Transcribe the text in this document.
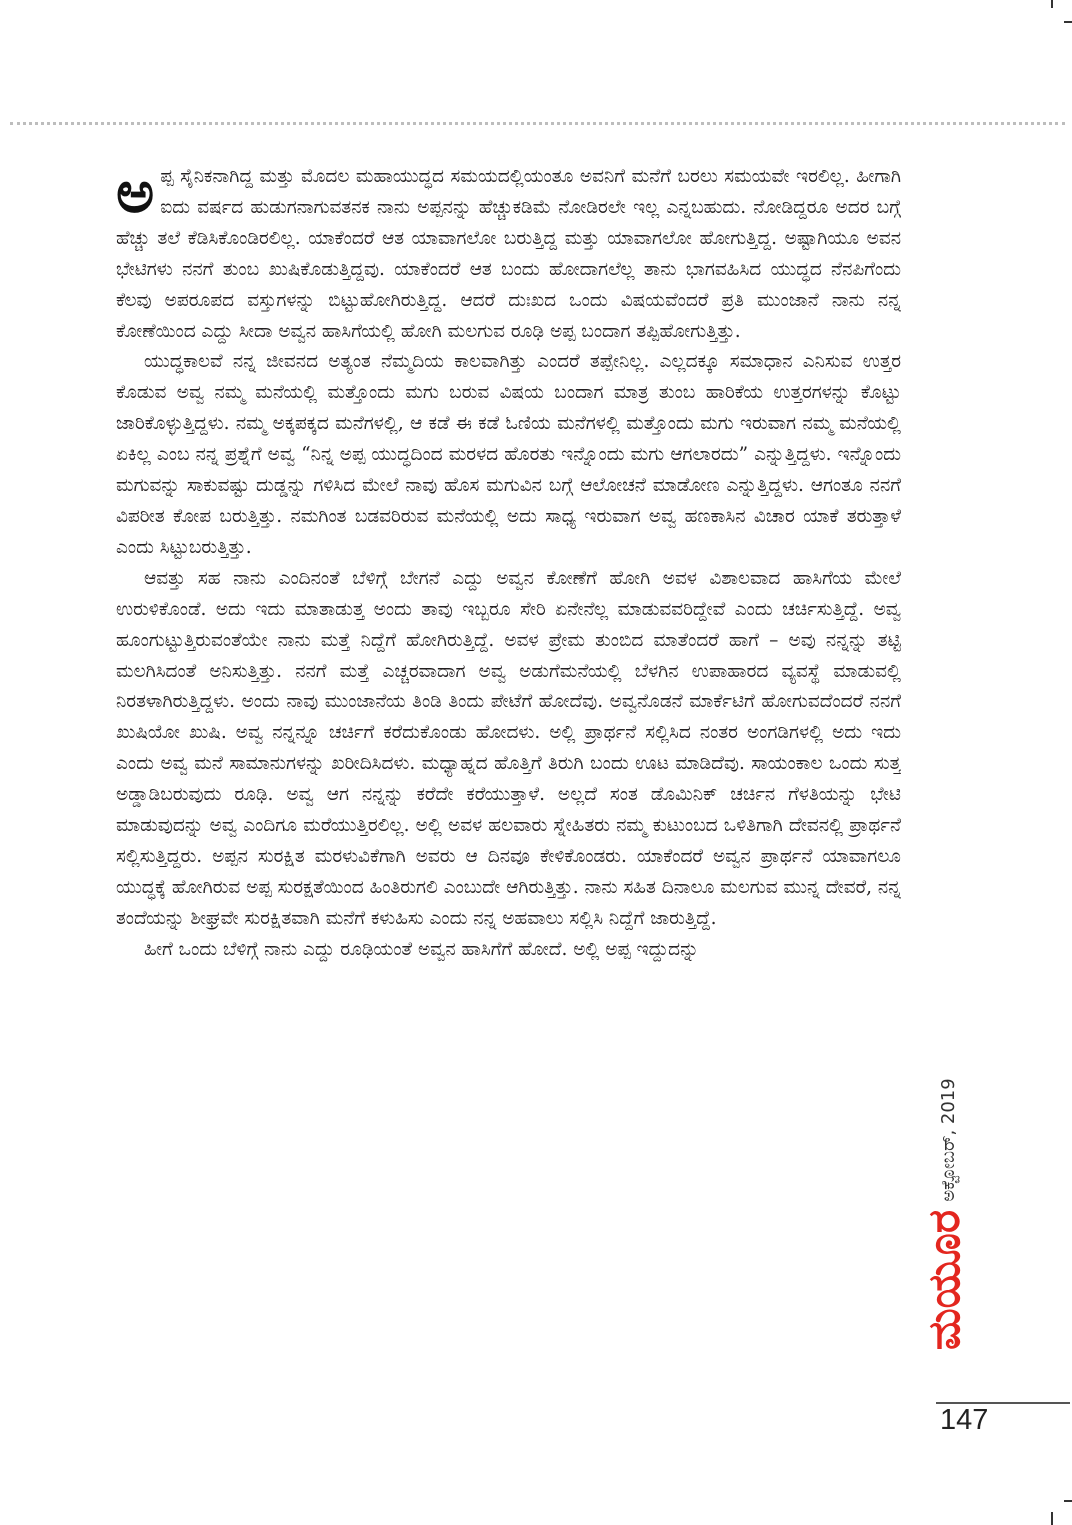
ಅಪ್ಪ ಸೈನಿಕನಾಗಿದ್ದ ಮತ್ತು ಮೊದಲ ಮಹಾಯುದ್ಧದ ಸಮಯದಲ್ಲಿಯಂತೂ ಅವನಿಗೆ ಮನೆಗೆ ಬರಲು ಸಮಯವೇ ಇರಲಿಲ್ಲ. ಹೀಗಾಗಿ ಐದು ವರ್ಷದ ಹುಡುಗನಾಗುವತನಕ ನಾನು ಅಪ್ಪನನ್ನು ಹೆಚ್ಚುಕಡಿಮೆ ನೋಡಿರಲೇ ಇಲ್ಲ ಎನ್ನಬಹುದು. ನೋಡಿದ್ದರೂ ಅದರ ಬಗ್ಗೆ ಹೆಚ್ಚು ತಲೆ ಕೆಡಿಸಿಕೊಂಡಿರಲಿಲ್ಲ. ಯಾಕೆಂದರೆ ಆತ ಯಾವಾಗಲೋ ಬರುತ್ತಿದ್ದ ಮತ್ತು ಯಾವಾಗಲೋ ಹೋಗುತ್ತಿದ್ದ. ಅಷ್ಟಾಗಿಯೂ ಅವನ ಭೇಟಿಗಳು ನನಗೆ ತುಂಬ ಖುಷಿಕೊಡುತ್ತಿದ್ದವು. ಯಾಕೆಂದರೆ ಆತ ಬಂದು ಹೋದಾಗಲೆಲ್ಲ ತಾನು ಭಾಗವಹಿಸಿದ ಯುದ್ಧದ ನೆನಪಿಗೆಂದು ಕೆಲವು ಅಪರೂಪದ ವಸ್ತುಗಳನ್ನು ಬಿಟ್ಟುಹೋಗಿರುತ್ತಿದ್ದ. ಆದರೆ ದುಃಖದ ಒಂದು ವಿಷಯವೆಂದರೆ ಪ್ರತಿ ಮುಂಜಾನೆ ನಾನು ನನ್ನ ಕೋಣೆಯಿಂದ ಎದ್ದು ಸೀದಾ ಅವ್ವನ ಹಾಸಿಗೆಯಲ್ಲಿ ಹೋಗಿ ಮಲಗುವ ರೂಢಿ ಅಪ್ಪ ಬಂದಾಗ ತಪ್ಪಿಹೋಗುತ್ತಿತ್ತು.

ಯುದ್ಧಕಾಲವೆ ನನ್ನ ಜೀವನದ ಅತ್ಯಂತ ನೆಮ್ಮದಿಯ ಕಾಲವಾಗಿತ್ತು ಎಂದರೆ ತಪ್ಪೇನಿಲ್ಲ. ಎಲ್ಲದಕ್ಕೂ ಸಮಾಧಾನ ಎನಿಸುವ ಉತ್ತರ ಕೊಡುವ ಅವ್ವ ನಮ್ಮ ಮನೆಯಲ್ಲಿ ಮತ್ತೊಂದು ಮಗು ಬರುವ ವಿಷಯ ಬಂದಾಗ ಮಾತ್ರ ತುಂಬ ಹಾರಿಕೆಯ ಉತ್ತರಗಳನ್ನು ಕೊಟ್ಟು ಜಾರಿಕೊಳ್ಳುತ್ತಿದ್ದಳು. ನಮ್ಮ ಅಕ್ಕಪಕ್ಕದ ಮನೆಗಳಲ್ಲಿ, ಆ ಕಡೆ ಈ ಕಡೆ ಓಣಿಯ ಮನೆಗಳಲ್ಲಿ ಮತ್ತೊಂದು ಮಗು ಇರುವಾಗ ನಮ್ಮ ಮನೆಯಲ್ಲಿ ಏಕಿಲ್ಲ ಎಂಬ ನನ್ನ ಪ್ರಶ್ನೆಗೆ ಅವ್ವ “ನಿನ್ನ ಅಪ್ಪ ಯುದ್ಧದಿಂದ ಮರಳದ ಹೊರತು ಇನ್ನೊಂದು ಮಗು ಆಗಲಾರದು” ಎನ್ನುತ್ತಿದ್ದಳು. ಇನ್ನೊಂದು ಮಗುವನ್ನು ಸಾಕುವಷ್ಟು ದುಡ್ಡನ್ನು ಗಳಿಸಿದ ಮೇಲೆ ನಾವು ಹೊಸ ಮಗುವಿನ ಬಗ್ಗೆ ಆಲೋಚನೆ ಮಾಡೋಣ ಎನ್ನುತ್ತಿದ್ದಳು. ಆಗಂತೂ ನನಗೆ ವಿಪರೀತ ಕೋಪ ಬರುತ್ತಿತ್ತು. ನಮಗಿಂತ ಬಡವರಿರುವ ಮನೆಯಲ್ಲಿ ಅದು ಸಾಧ್ಯ ಇರುವಾಗ ಅವ್ವ ಹಣಕಾಸಿನ ವಿಚಾರ ಯಾಕೆ ತರುತ್ತಾಳೆ ಎಂದು ಸಿಟ್ಟುಬರುತ್ತಿತ್ತು.

ಆವತ್ತು ಸಹ ನಾನು ಎಂದಿನಂತೆ ಬೆಳಿಗ್ಗೆ ಬೇಗನೆ ಎದ್ದು ಅವ್ವನ ಕೋಣೆಗೆ ಹೋಗಿ ಅವಳ ವಿಶಾಲವಾದ ಹಾಸಿಗೆಯ ಮೇಲೆ ಉರುಳಿಕೊಂಡೆ. ಅದು ಇದು ಮಾತಾಡುತ್ತ ಅಂದು ತಾವು ಇಬ್ಬರೂ ಸೇರಿ ಏನೇನೆಲ್ಲ ಮಾಡುವವರಿದ್ದೇವೆ ಎಂದು ಚರ್ಚಿಸುತ್ತಿದ್ದೆ. ಅವ್ವ ಹೂಂಗುಟ್ಟುತ್ತಿರುವಂತೆಯೇ ನಾನು ಮತ್ತೆ ನಿದ್ದೆಗೆ ಹೋಗಿರುತ್ತಿದ್ದೆ. ಅವಳ ಪ್ರೇಮ ತುಂಬಿದ ಮಾತೆಂದರೆ ಹಾಗೆ – ಅವು ನನ್ನನ್ನು ತಟ್ಟಿ ಮಲಗಿಸಿದಂತೆ ಅನಿಸುತ್ತಿತ್ತು. ನನಗೆ ಮತ್ತೆ ಎಚ್ಚರವಾದಾಗ ಅವ್ವ ಅಡುಗೆಮನೆಯಲ್ಲಿ ಬೆಳಗಿನ ಉಪಾಹಾರದ ವ್ಯವಸ್ಥೆ ಮಾಡುವಲ್ಲಿ ನಿರತಳಾಗಿರುತ್ತಿದ್ದಳು. ಅಂದು ನಾವು ಮುಂಜಾನೆಯ ತಿಂಡಿ ತಿಂದು ಪೇಟೆಗೆ ಹೋದೆವು. ಅವ್ವನೊಡನೆ ಮಾರ್ಕೆಟಿಗೆ ಹೋಗುವದೆಂದರೆ ನನಗೆ ಖುಷಿಯೋ ಖುಷಿ. ಅವ್ವ ನನ್ನನ್ನೂ ಚರ್ಚಿಗೆ ಕರೆದುಕೊಂಡು ಹೋದಳು. ಅಲ್ಲಿ ಪ್ರಾರ್ಥನೆ ಸಲ್ಲಿಸಿದ ನಂತರ ಅಂಗಡಿಗಳಲ್ಲಿ ಅದು ಇದು ಎಂದು ಅವ್ವ ಮನೆ ಸಾಮಾನುಗಳನ್ನು ಖರೀದಿಸಿದಳು. ಮಧ್ಯಾಹ್ನದ ಹೊತ್ತಿಗೆ ತಿರುಗಿ ಬಂದು ಊಟ ಮಾಡಿದೆವು. ಸಾಯಂಕಾಲ ಒಂದು ಸುತ್ತ ಅಡ್ಡಾಡಿಬರುವುದು ರೂಢಿ. ಅವ್ವ ಆಗ ನನ್ನನ್ನು ಕರೆದೇ ಕರೆಯುತ್ತಾಳೆ. ಅಲ್ಲದೆ ಸಂತ ಡೊಮಿನಿಕ್ ಚರ್ಚಿನ ಗೆಳತಿಯನ್ನು ಭೇಟಿ ಮಾಡುವುದನ್ನು ಅವ್ವ ಎಂದಿಗೂ ಮರೆಯುತ್ತಿರಲಿಲ್ಲ. ಅಲ್ಲಿ ಅವಳ ಹಲವಾರು ಸ್ನೇಹಿತರು ನಮ್ಮ ಕುಟುಂಬದ ಒಳಿತಿಗಾಗಿ ದೇವನಲ್ಲಿ ಪ್ರಾರ್ಥನೆ ಸಲ್ಲಿಸುತ್ತಿದ್ದರು. ಅಪ್ಪನ ಸುರಕ್ಷಿತ ಮರಳುವಿಕೆಗಾಗಿ ಅವರು ಆ ದಿನವೂ ಕೇಳಿಕೊಂಡರು. ಯಾಕೆಂದರೆ ಅವ್ವನ ಪ್ರಾರ್ಥನೆ ಯಾವಾಗಲೂ ಯುದ್ಧಕ್ಕೆ ಹೋಗಿರುವ ಅಪ್ಪ ಸುರಕ್ಷತೆಯಿಂದ ಹಿಂತಿರುಗಲಿ ಎಂಬುದೇ ಆಗಿರುತ್ತಿತ್ತು. ನಾನು ಸಹಿತ ದಿನಾಲೂ ಮಲಗುವ ಮುನ್ನ ದೇವರೆ, ನನ್ನ ತಂದೆಯನ್ನು ಶೀಘ್ರವೇ ಸುರಕ್ಷಿತವಾಗಿ ಮನೆಗೆ ಕಳುಹಿಸು ಎಂದು ನನ್ನ ಅಹವಾಲು ಸಲ್ಲಿಸಿ ನಿದ್ದೆಗೆ ಜಾರುತ್ತಿದ್ದೆ.

ಹೀಗೆ ಒಂದು ಬೆಳಿಗ್ಗೆ ನಾನು ಎದ್ದು ರೂಢಿಯಂತೆ ಅವ್ವನ ಹಾಸಿಗೆಗೆ ಹೋದೆ. ಅಲ್ಲಿ ಅಪ್ಪ ಇದ್ದುದನ್ನು

ಅಕ್ಟೋಬರ್, 2019
ಮಯೂರ
147
